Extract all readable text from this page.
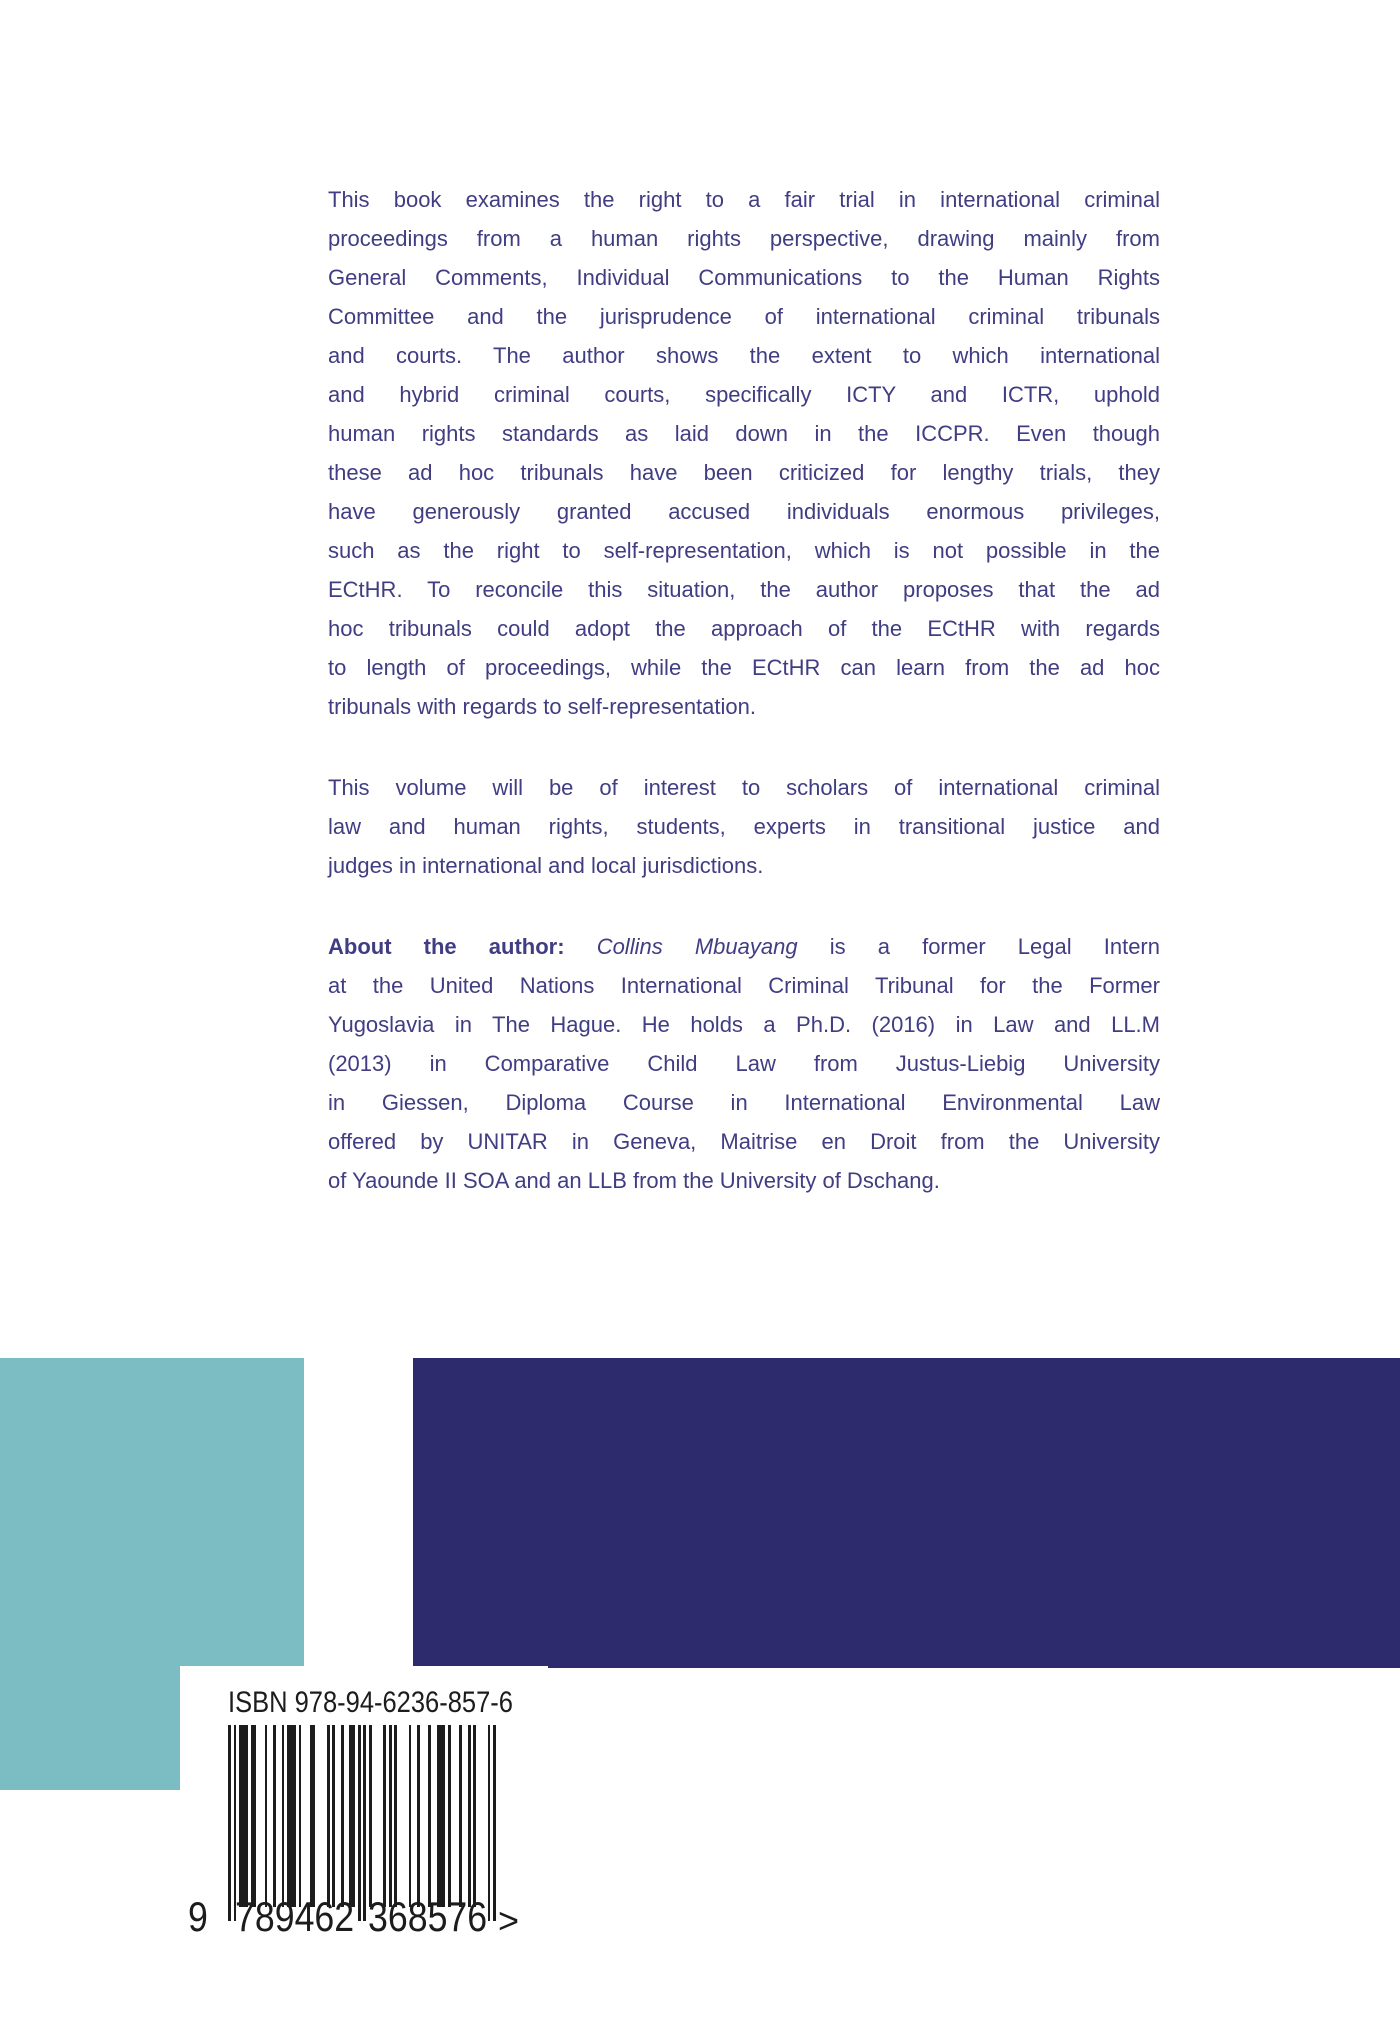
This book examines the right to a fair trial in international criminal
proceedings from a human rights perspective, drawing mainly from
General Comments, Individual Communications to the Human Rights
Committee and the jurisprudence of international criminal tribunals
and courts. The author shows the extent to which international
and hybrid criminal courts, specifically ICTY and ICTR, uphold
human rights standards as laid down in the ICCPR. Even though
these ad hoc tribunals have been criticized for lengthy trials, they
have generously granted accused individuals enormous privileges,
such as the right to self-representation, which is not possible in the
ECtHR. To reconcile this situation, the author proposes that the ad
hoc tribunals could adopt the approach of the ECtHR with regards
to length of proceedings, while the ECtHR can learn from the ad hoc
tribunals with regards to self-representation.
This volume will be of interest to scholars of international criminal
law and human rights, students, experts in transitional justice and
judges in international and local jurisdictions.
About the author: Collins Mbuayang is a former Legal Intern
at the United Nations International Criminal Tribunal for the Former
Yugoslavia in The Hague. He holds a Ph.D. (2016) in Law and LL.M
(2013) in Comparative Child Law from Justus-Liebig University
in Giessen, Diploma Course in International Environmental Law
offered by UNITAR in Geneva, Maitrise en Droit from the University
of Yaounde II SOA and an LLB from the University of Dschang.
ISBN 978-94-6236-857-6
9 789462 368576 >
